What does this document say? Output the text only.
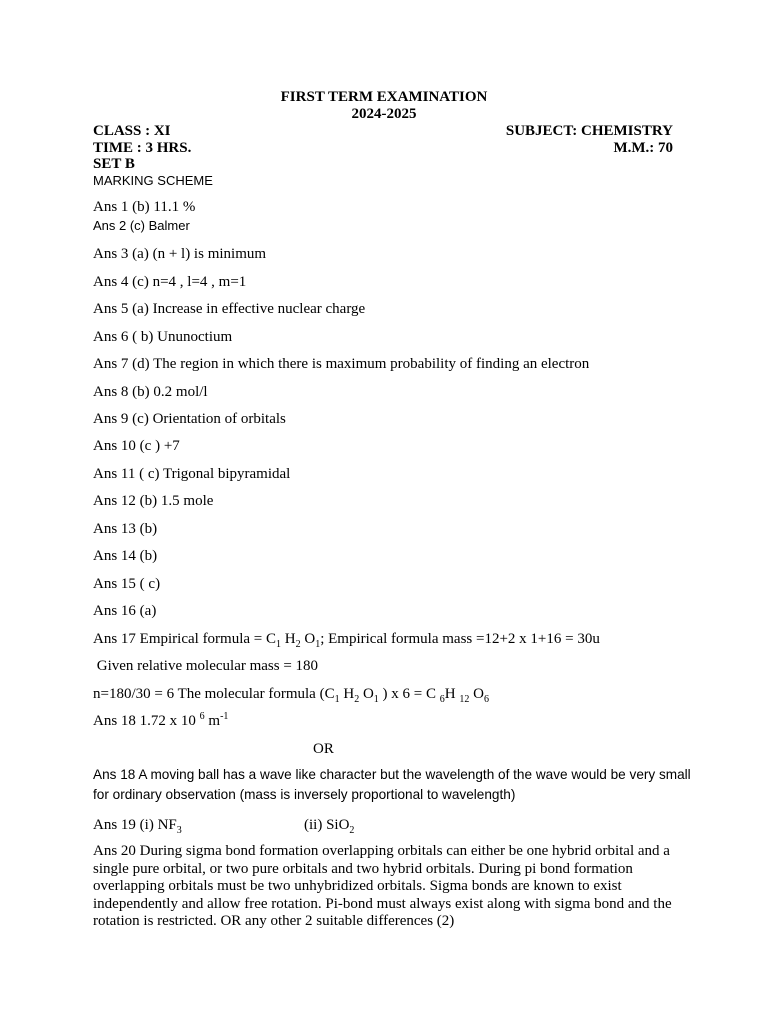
FIRST TERM EXAMINATION
2024-2025
CLASS : XI	SUBJECT: CHEMISTRY
TIME : 3 HRS.	M.M.: 70
SET B
MARKING SCHEME
Ans 1 (b) 11.1 %
Ans 2 (c) Balmer
Ans 3 (a) (n + l) is minimum
Ans 4 (c) n=4 , l=4 , m=1
Ans 5 (a) Increase in effective nuclear charge
Ans 6 ( b) Ununoctium
Ans 7 (d) The region in which there is maximum probability of finding an electron
Ans 8 (b) 0.2 mol/l
Ans 9 (c) Orientation of orbitals
Ans 10 (c ) +7
Ans 11 ( c) Trigonal bipyramidal
Ans 12 (b) 1.5 mole
Ans 13 (b)
Ans 14 (b)
Ans 15 ( c)
Ans 16 (a)
Ans 17 Empirical formula = $C_1$ $H_2$ $O_1$; Empirical formula mass =12+2 x 1+16 = 30u
Given relative molecular mass = 180
n=180/30 = 6 The molecular formula ($C_1$ $H_2$ $O_1$ ) x 6 = C $_6$H $_{12}$ $O_6$
Ans 18 1.72 x 10 $^6$ $m^{-1}$
OR
Ans 18 A moving ball has a wave like character but the wavelength of the wave would be very small for ordinary observation (mass is inversely proportional to wavelength)
Ans 19 (i) $NF_3$	(ii) SiO$_2$
Ans 20 During sigma bond formation overlapping orbitals can either be one hybrid orbital and a single pure orbital, or two pure orbitals and two hybrid orbitals. During pi bond formation overlapping orbitals must be two unhybridized orbitals. Sigma bonds are known to exist independently and allow free rotation. Pi-bond must always exist along with sigma bond and the rotation is restricted. OR any other 2 suitable differences (2)
